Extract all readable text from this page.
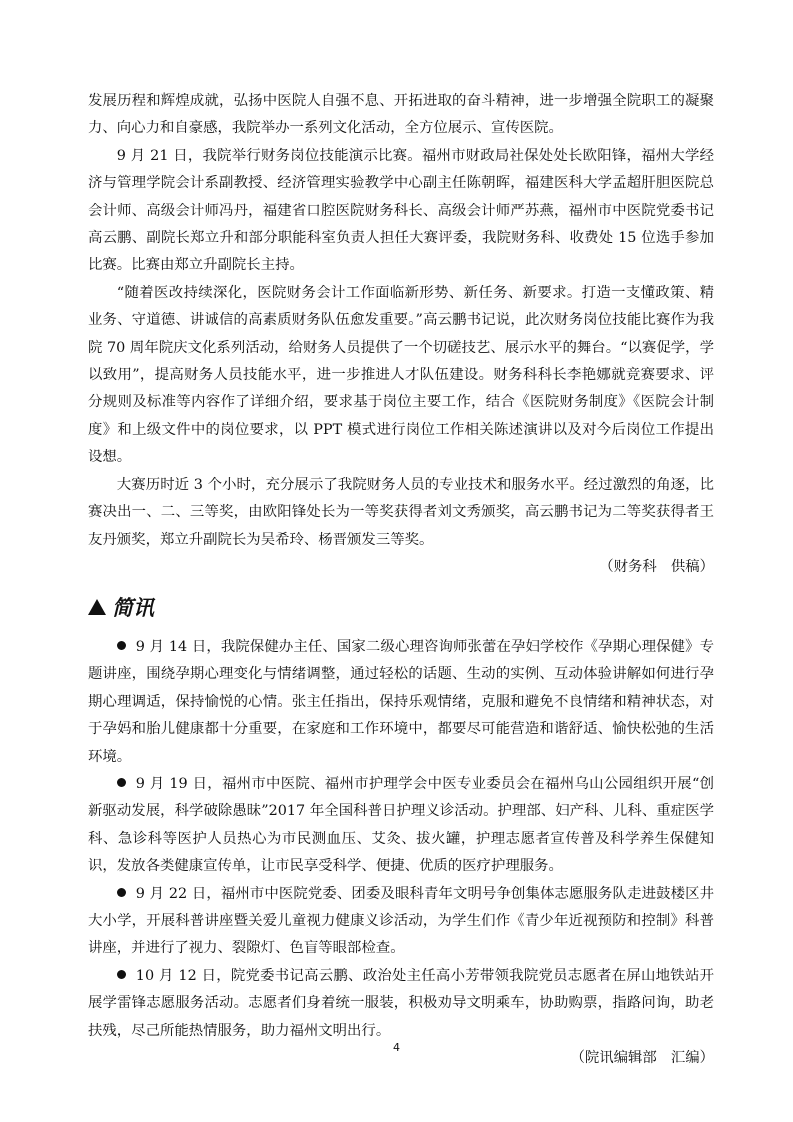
发展历程和辉煌成就，弘扬中医院人自强不息、开拓进取的奋斗精神，进一步增强全院职工的凝聚力、向心力和自豪感，我院举办一系列文化活动，全方位展示、宣传医院。

9 月 21 日，我院举行财务岗位技能演示比赛。福州市财政局社保处处长欧阳锋，福州大学经济与管理学院会计系副教授、经济管理实验教学中心副主任陈朝晖，福建医科大学孟超肝胆医院总会计师、高级会计师冯丹，福建省口腔医院财务科长、高级会计师严苏燕，福州市中医院党委书记高云鹏、副院长郑立升和部分职能科室负责人担任大赛评委，我院财务科、收费处 15 位选手参加比赛。比赛由郑立升副院长主持。

“随着医改持续深化，医院财务会计工作面临新形势、新任务、新要求。打造一支懂政策、精业务、守道德、讲诚信的高素质财务队伍愈发重要。”高云鹏书记说，此次财务岗位技能比赛作为我院 70 周年院庆文化系列活动，给财务人员提供了一个切磋技艺、展示水平的舞台。“以赛促学，学以致用”，提高财务人员技能水平，进一步推进人才队伍建设。财务科科长李艳娜就竞赛要求、评分规则及标准等内容作了详细介绍，要求基于岗位主要工作，结合《医院财务制度》《医院会计制度》和上级文件中的岗位要求，以 PPT 模式进行岗位工作相关陈述演讲以及对今后岗位工作提出设想。

大赛历时近 3 个小时，充分展示了我院财务人员的专业技术和服务水平。经过激烈的角逐，比赛决出一、二、三等奖，由欧阳锋处长为一等奖获得者刘文秀颁奖，高云鹏书记为二等奖获得者王友丹颁奖，郑立升副院长为吴希玲、杨晋颁发三等奖。

（财务科 供稿）

简讯

9 月 14 日，我院保健办主任、国家二级心理咨询师张蕾在孕妇学校作《孕期心理保健》专题讲座，围绕孕期心理变化与情绪调整，通过轻松的话题、生动的实例、互动体验讲解如何进行孕期心理调适，保持愉悦的心情。张主任指出，保持乐观情绪，克服和避免不良情绪和精神状态，对于孕妈和胎儿健康都十分重要，在家庭和工作环境中，都要尽可能营造和谐舒适、愉快松弛的生活环境。

9 月 19 日，福州市中医院、福州市护理学会中医专业委员会在福州乌山公园组织开展“创新驱动发展，科学破除愚昧”2017 年全国科普日护理义诊活动。护理部、妇产科、儿科、重症医学科、急诊科等医护人员热心为市民测血压、艾灸、拔火罐，护理志愿者宣传普及科学养生保健知识，发放各类健康宣传单，让市民享受科学、便捷、优质的医疗护理服务。

9 月 22 日，福州市中医院党委、团委及眼科青年文明号争创集体志愿服务队走进鼓楼区井大小学，开展科普讲座暨关爱儿童视力健康义诊活动，为学生们作《青少年近视预防和控制》科普讲座，并进行了视力、裂隙灯、色盲等眼部检查。

10 月 12 日，院党委书记高云鹏、政治处主任高小芳带领我院党员志愿者在屏山地铁站开展学雷锋志愿服务活动。志愿者们身着统一服装，积极劝导文明乘车，协助购票，指路问询，助老扶残，尽己所能热情服务，助力福州文明出行。

（院讯编辑部 汇编）

4
